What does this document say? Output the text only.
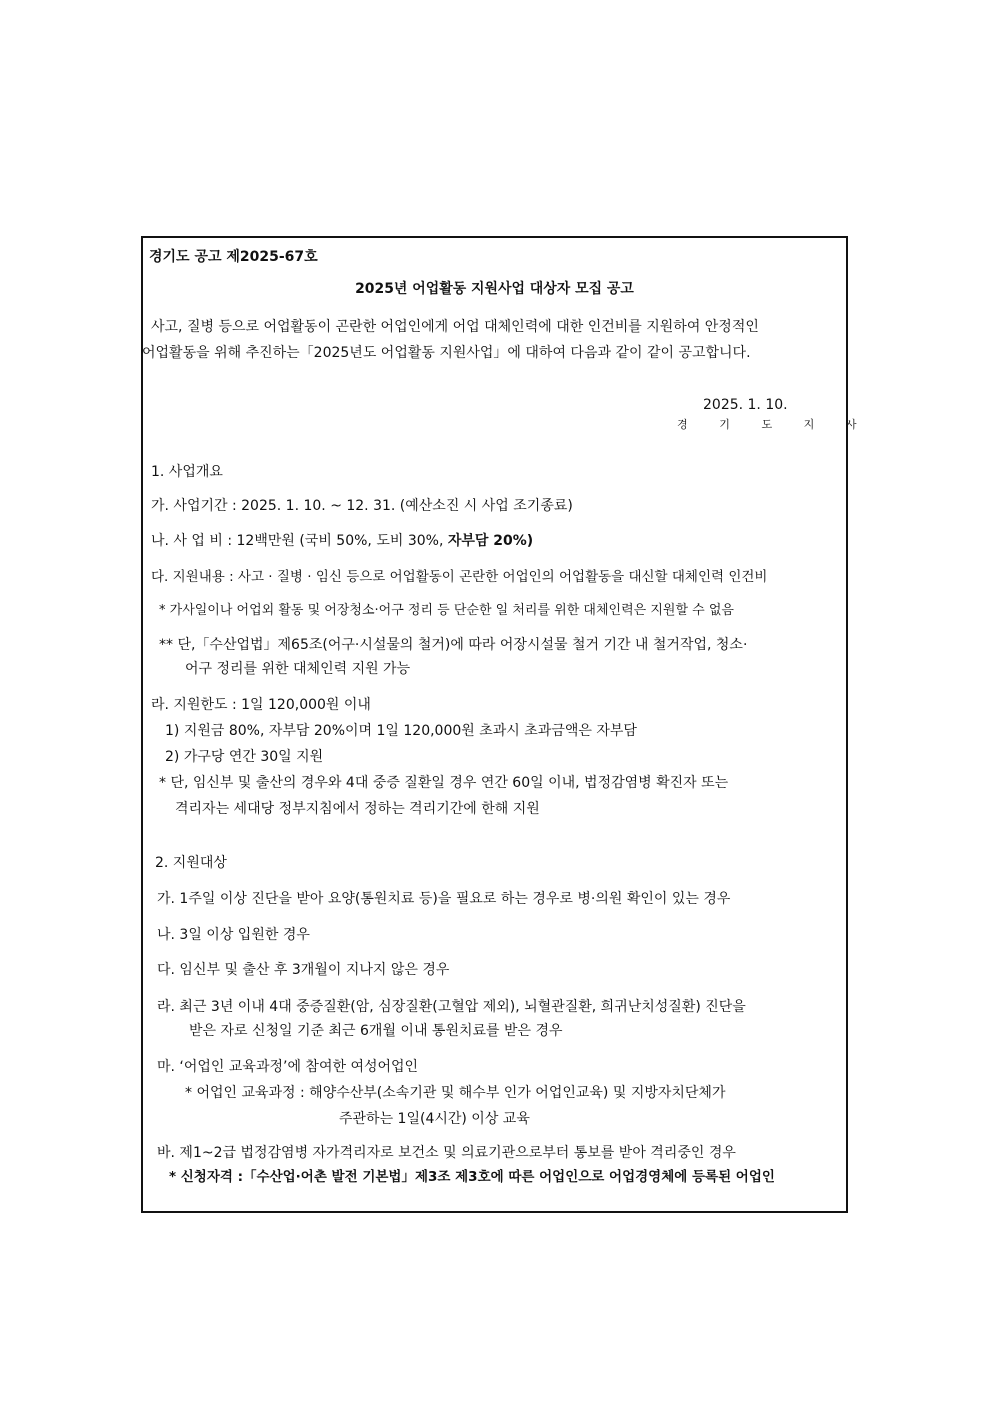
경기도 공고 제2025-67호
2025년 어업활동 지원사업 대상자 모집 공고
사고, 질병 등으로 어업활동이 곤란한 어업인에게 어업 대체인력에 대한 인건비를 지원하여 안정적인
어업활동을 위해 추진하는「2025년도 어업활동 지원사업」에 대하여 다음과 같이 같이 공고합니다.
2025. 1. 10.
경 기 도 지 사
1. 사업개요
가. 사업기간 : 2025. 1. 10. ~ 12. 31. (예산소진 시 사업 조기종료)
나. 사 업 비 : 12백만원 (국비 50%, 도비 30%, 자부담 20%)
다. 지원내용 : 사고 · 질병 · 임신 등으로 어업활동이 곤란한 어업인의 어업활동을 대신할 대체인력 인건비
* 가사일이나 어업외 활동 및 어장청소·어구 정리 등 단순한 일 처리를 위한 대체인력은 지원할 수 없음
** 단,「수산업법」제65조(어구·시설물의 철거)에 따라 어장시설물 철거 기간 내 철거작업, 청소·
어구 정리를 위한 대체인력 지원 가능
라. 지원한도 : 1일 120,000원 이내
1) 지원금 80%, 자부담 20%이며 1일 120,000원 초과시 초과금액은 자부담
2) 가구당 연간 30일 지원
* 단, 임신부 및 출산의 경우와 4대 중증 질환일 경우 연간 60일 이내, 법정감염병 확진자 또는
격리자는 세대당 정부지침에서 정하는 격리기간에 한해 지원
2. 지원대상
가. 1주일 이상 진단을 받아 요양(통원치료 등)을 필요로 하는 경우로 병·의원 확인이 있는 경우
나. 3일 이상 입원한 경우
다. 임신부 및 출산 후 3개월이 지나지 않은 경우
라. 최근 3년 이내 4대 중증질환(암, 심장질환(고혈압 제외), 뇌혈관질환, 희귀난치성질환) 진단을
받은 자로 신청일 기준 최근 6개월 이내 통원치료를 받은 경우
마. ‘어업인 교육과정’에 참여한 여성어업인
* 어업인 교육과정 : 해양수산부(소속기관 및 해수부 인가 어업인교육) 및 지방자치단체가
주관하는 1일(4시간) 이상 교육
바. 제1~2급 법정감염병 자가격리자로 보건소 및 의료기관으로부터 통보를 받아 격리중인 경우
* 신청자격 :「수산업·어촌 발전 기본법」제3조 제3호에 따른 어업인으로 어업경영체에 등록된 어업인
